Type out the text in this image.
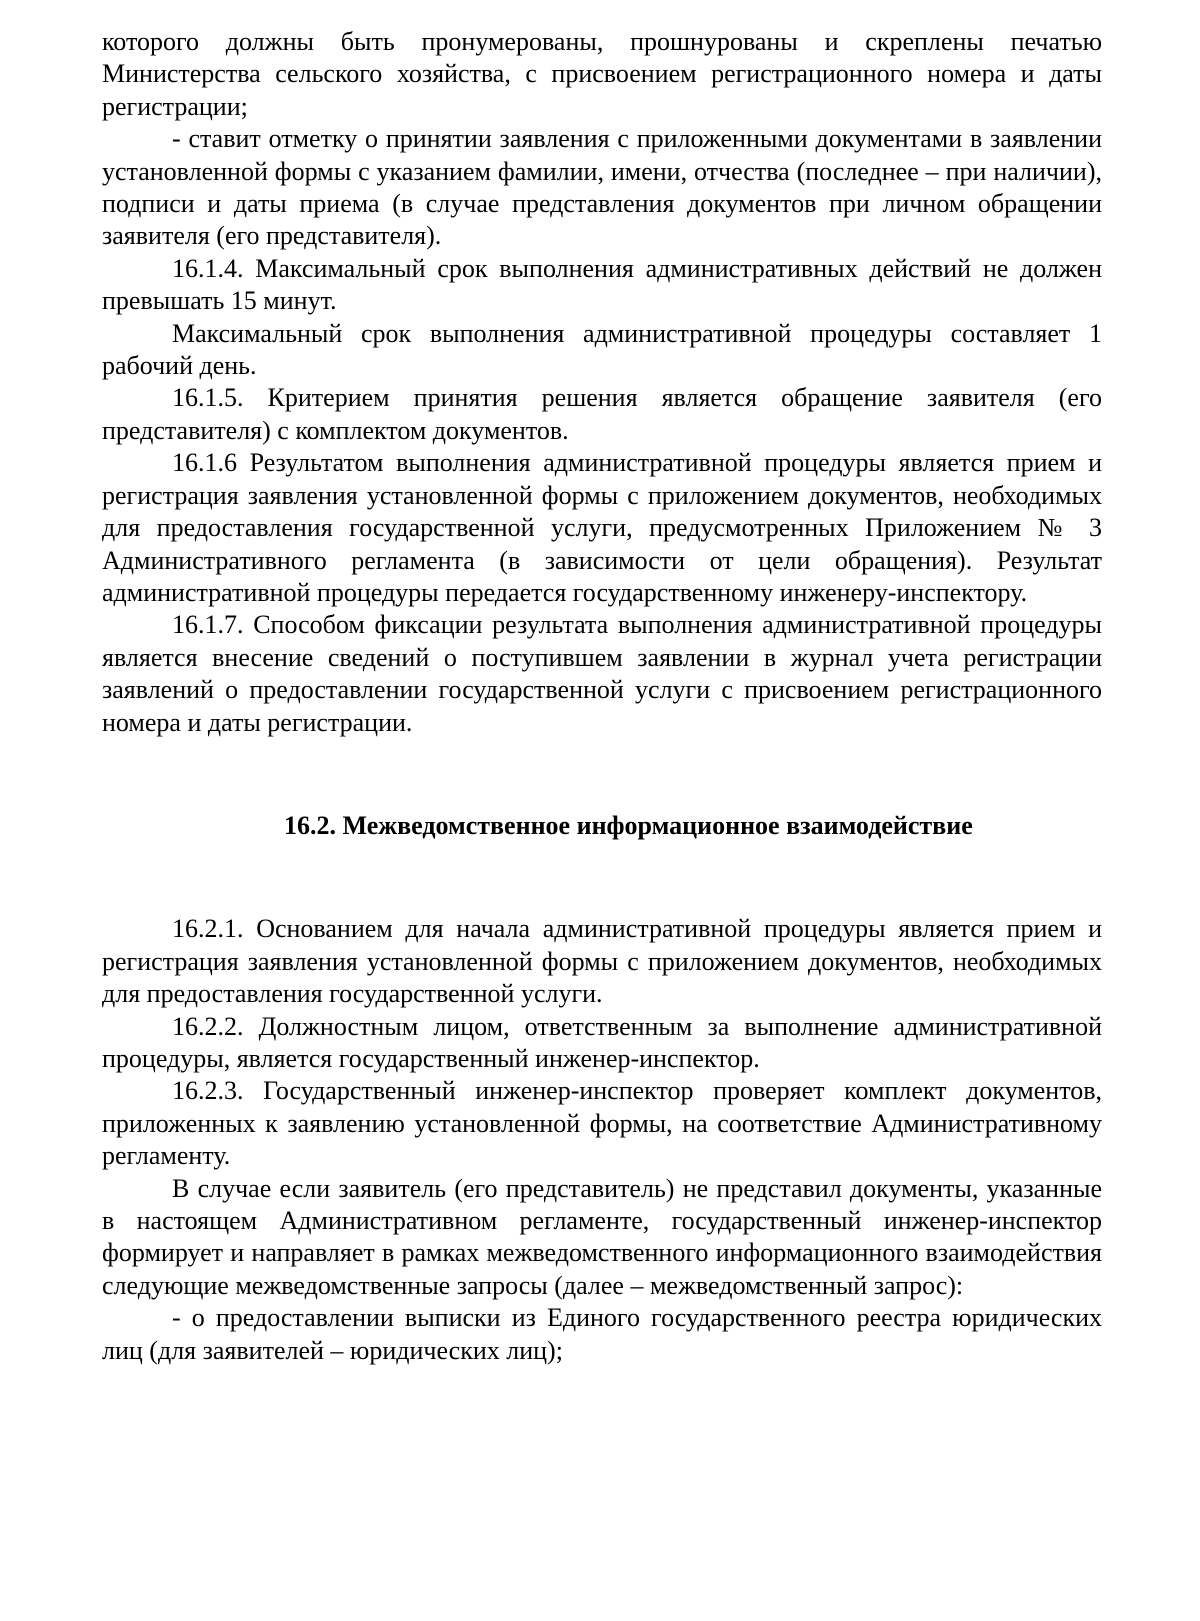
которого должны быть пронумерованы, прошнурованы и скреплены печатью Министерства сельского хозяйства, с присвоением регистрационного номера и даты регистрации;

- ставит отметку о принятии заявления с приложенными документами в заявлении установленной формы с указанием фамилии, имени, отчества (последнее – при наличии), подписи и даты приема (в случае представления документов при личном обращении заявителя (его представителя).

16.1.4. Максимальный срок выполнения административных действий не должен превышать 15 минут.

Максимальный срок выполнения административной процедуры составляет 1 рабочий день.

16.1.5. Критерием принятия решения является обращение заявителя (его представителя) с комплектом документов.

16.1.6 Результатом выполнения административной процедуры является прием и регистрация заявления установленной формы с приложением документов, необходимых для предоставления государственной услуги, предусмотренных Приложением № 3 Административного регламента (в зависимости от цели обращения). Результат административной процедуры передается государственному инженеру-инспектору.

16.1.7. Способом фиксации результата выполнения административной процедуры является внесение сведений о поступившем заявлении в журнал учета регистрации заявлений о предоставлении государственной услуги с присвоением регистрационного номера и даты регистрации.

16.2. Межведомственное информационное взаимодействие

16.2.1. Основанием для начала административной процедуры является прием и регистрация заявления установленной формы с приложением документов, необходимых для предоставления государственной услуги.

16.2.2. Должностным лицом, ответственным за выполнение административной процедуры, является государственный инженер-инспектор.

16.2.3. Государственный инженер-инспектор проверяет комплект документов, приложенных к заявлению установленной формы, на соответствие Административному регламенту.

В случае если заявитель (его представитель) не представил документы, указанные в настоящем Административном регламенте, государственный инженер-инспектор формирует и направляет в рамках межведомственного информационного взаимодействия следующие межведомственные запросы (далее – межведомственный запрос):

- о предоставлении выписки из Единого государственного реестра юридических лиц (для заявителей – юридических лиц);
